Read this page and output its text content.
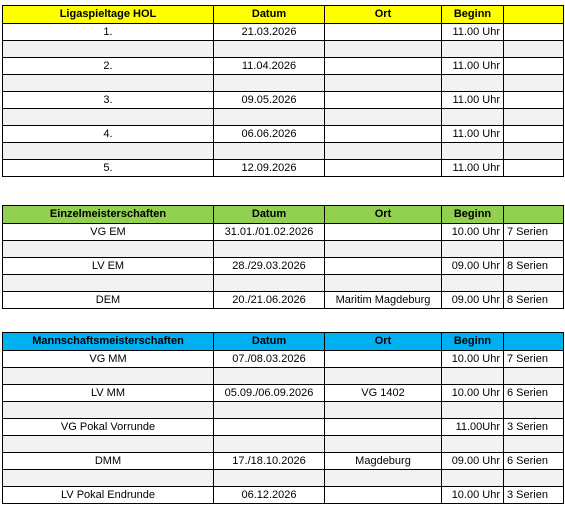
Ligaspieltage HOL	Datum	Ort	Beginn	
1.	21.03.2026		11.00 Uhr	

2.	11.04.2026		11.00 Uhr	

3.	09.05.2026		11.00 Uhr	

4.	06.06.2026		11.00 Uhr	

5.	12.09.2026		11.00 Uhr	
Einzelmeisterschaften	Datum	Ort	Beginn	
VG EM	31.01./01.02.2026		10.00 Uhr	7 Serien

LV EM	28./29.03.2026		09.00 Uhr	8 Serien

DEM	20./21.06.2026	Maritim Magdeburg	09.00 Uhr	8 Serien
Mannschaftsmeisterschaften	Datum	Ort	Beginn	
VG MM	07./08.03.2026		10.00 Uhr	7 Serien

LV MM	05.09./06.09.2026	VG 1402	10.00 Uhr	6 Serien

VG Pokal Vorrunde			11.00Uhr	3 Serien

DMM	17./18.10.2026	Magdeburg	09.00 Uhr	6 Serien

LV Pokal Endrunde	06.12.2026		10.00 Uhr	3 Serien
